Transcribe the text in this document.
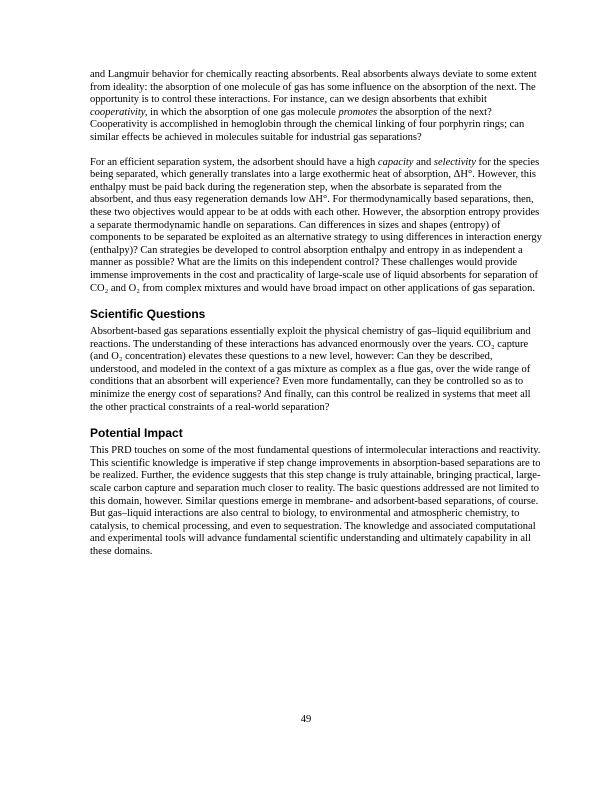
and Langmuir behavior for chemically reacting absorbents. Real absorbents always deviate to some extent from ideality: the absorption of one molecule of gas has some influence on the absorption of the next. The opportunity is to control these interactions. For instance, can we design absorbents that exhibit cooperativity, in which the absorption of one gas molecule promotes the absorption of the next? Cooperativity is accomplished in hemoglobin through the chemical linking of four porphyrin rings; can similar effects be achieved in molecules suitable for industrial gas separations?

For an efficient separation system, the adsorbent should have a high capacity and selectivity for the species being separated, which generally translates into a large exothermic heat of absorption, ΔH°. However, this enthalpy must be paid back during the regeneration step, when the absorbate is separated from the absorbent, and thus easy regeneration demands low ΔH°. For thermodynamically based separations, then, these two objectives would appear to be at odds with each other. However, the absorption entropy provides a separate thermodynamic handle on separations. Can differences in sizes and shapes (entropy) of components to be separated be exploited as an alternative strategy to using differences in interaction energy (enthalpy)? Can strategies be developed to control absorption enthalpy and entropy in as independent a manner as possible? What are the limits on this independent control? These challenges would provide immense improvements in the cost and practicality of large-scale use of liquid absorbents for separation of CO₂ and O₂ from complex mixtures and would have broad impact on other applications of gas separation.

Scientific Questions

Absorbent-based gas separations essentially exploit the physical chemistry of gas–liquid equilibrium and reactions. The understanding of these interactions has advanced enormously over the years. CO₂ capture (and O₂ concentration) elevates these questions to a new level, however: Can they be described, understood, and modeled in the context of a gas mixture as complex as a flue gas, over the wide range of conditions that an absorbent will experience? Even more fundamentally, can they be controlled so as to minimize the energy cost of separations? And finally, can this control be realized in systems that meet all the other practical constraints of a real-world separation?

Potential Impact

This PRD touches on some of the most fundamental questions of intermolecular interactions and reactivity. This scientific knowledge is imperative if step change improvements in absorption-based separations are to be realized. Further, the evidence suggests that this step change is truly attainable, bringing practical, large-scale carbon capture and separation much closer to reality. The basic questions addressed are not limited to this domain, however. Similar questions emerge in membrane- and adsorbent-based separations, of course. But gas–liquid interactions are also central to biology, to environmental and atmospheric chemistry, to catalysis, to chemical processing, and even to sequestration. The knowledge and associated computational and experimental tools will advance fundamental scientific understanding and ultimately capability in all these domains.

49
